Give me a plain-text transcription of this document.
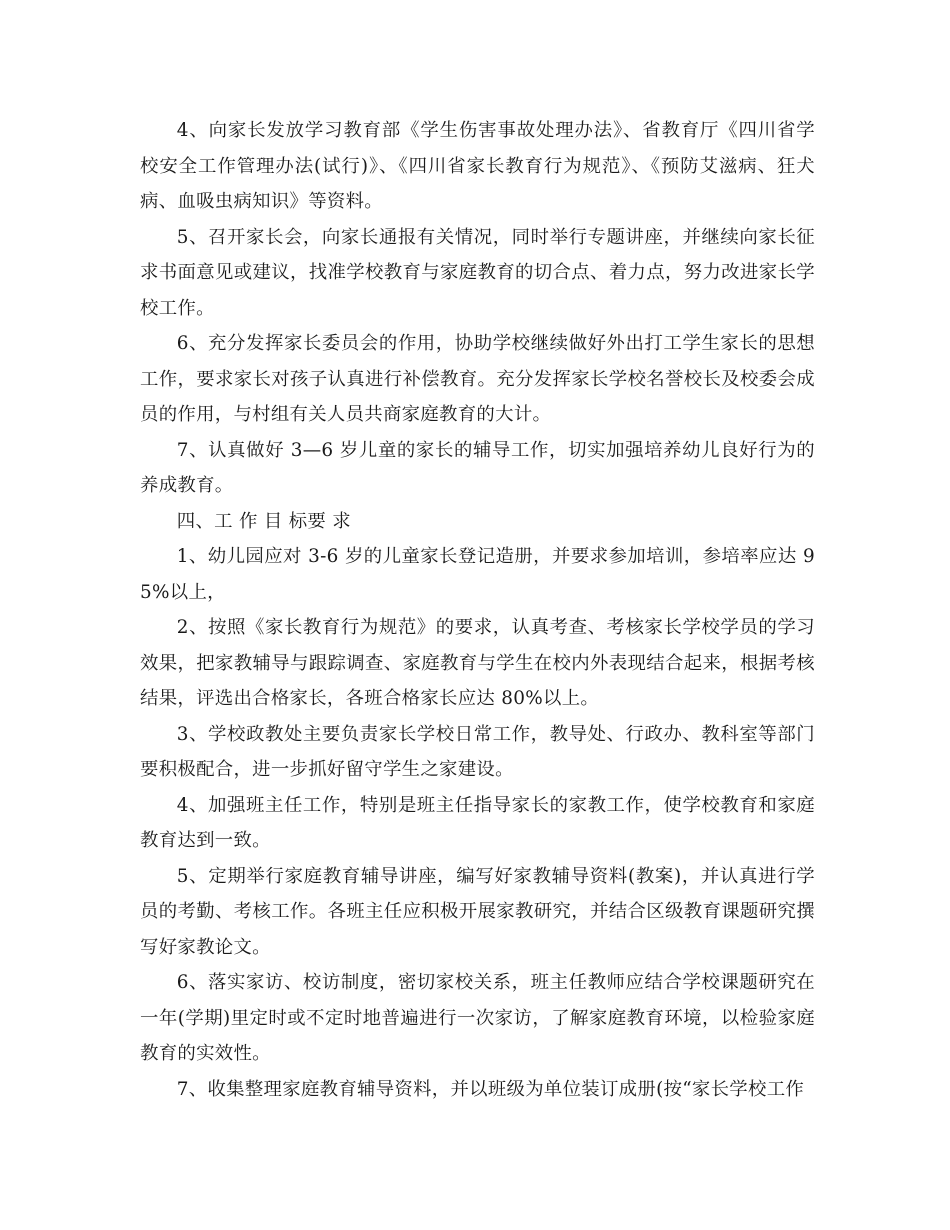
4、向家长发放学习教育部《学生伤害事故处理办法》、省教育厅《四川省学校安全工作管理办法(试行)》、《四川省家长教育行为规范》、《预防艾滋病、狂犬病、血吸虫病知识》等资料。

5、召开家长会，向家长通报有关情况，同时举行专题讲座，并继续向家长征求书面意见或建议，找准学校教育与家庭教育的切合点、着力点，努力改进家长学校工作。

6、充分发挥家长委员会的作用，协助学校继续做好外出打工学生家长的思想工作，要求家长对孩子认真进行补偿教育。充分发挥家长学校名誉校长及校委会成员的作用，与村组有关人员共商家庭教育的大计。

7、认真做好 3—6 岁儿童的家长的辅导工作，切实加强培养幼儿良好行为的养成教育。

四、工 作 目 标要 求

1、幼儿园应对 3-6 岁的儿童家长登记造册，并要求参加培训，参培率应达 95%以上，

2、按照《家长教育行为规范》的要求，认真考查、考核家长学校学员的学习效果，把家教辅导与跟踪调查、家庭教育与学生在校内外表现结合起来，根据考核结果，评选出合格家长，各班合格家长应达 80%以上。

3、学校政教处主要负责家长学校日常工作，教导处、行政办、教科室等部门要积极配合，进一步抓好留守学生之家建设。

4、加强班主任工作，特别是班主任指导家长的家教工作，使学校教育和家庭教育达到一致。

5、定期举行家庭教育辅导讲座，编写好家教辅导资料(教案)，并认真进行学员的考勤、考核工作。各班主任应积极开展家教研究，并结合区级教育课题研究撰写好家教论文。

6、落实家访、校访制度，密切家校关系，班主任教师应结合学校课题研究在一年(学期)里定时或不定时地普遍进行一次家访，了解家庭教育环境，以检验家庭教育的实效性。

7、收集整理家庭教育辅导资料，并以班级为单位装订成册(按“家长学校工作
